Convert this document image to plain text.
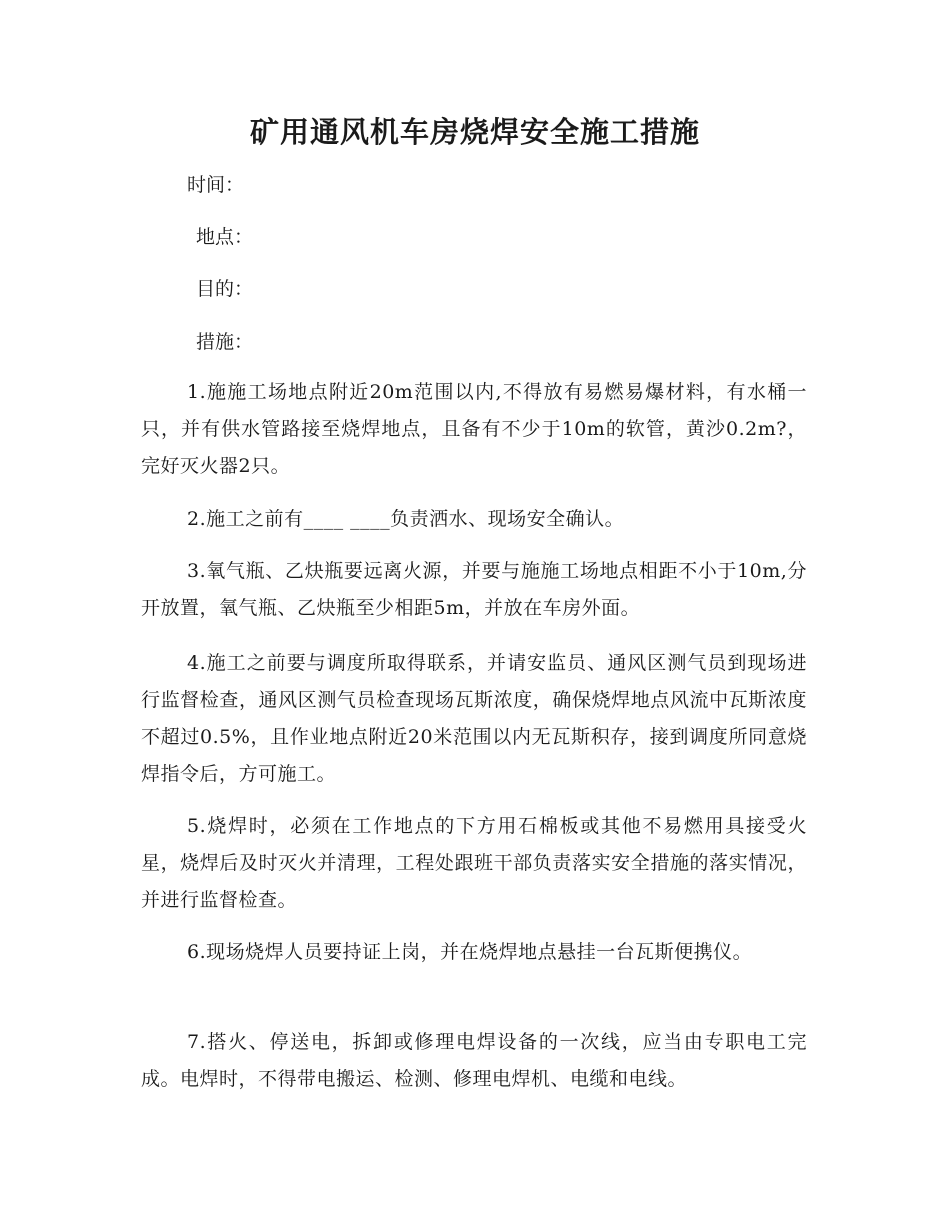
矿用通风机车房烧焊安全施工措施
时间：
地点：
目的：
措施：
1.施施工场地点附近20m范围以内,不得放有易燃易爆材料，有水桶一只，并有供水管路接至烧焊地点，且备有不少于10m的软管，黄沙0.2m?，完好灭火器2只。
2.施工之前有____ ____负责洒水、现场安全确认。
3.氧气瓶、乙炔瓶要远离火源，并要与施施工场地点相距不小于10m,分开放置，氧气瓶、乙炔瓶至少相距5m，并放在车房外面。
4.施工之前要与调度所取得联系，并请安监员、通风区测气员到现场进行监督检查，通风区测气员检查现场瓦斯浓度，确保烧焊地点风流中瓦斯浓度不超过0.5%，且作业地点附近20米范围以内无瓦斯积存，接到调度所同意烧焊指令后，方可施工。
5.烧焊时，必须在工作地点的下方用石棉板或其他不易燃用具接受火星，烧焊后及时灭火并清理，工程处跟班干部负责落实安全措施的落实情况，并进行监督检查。
6.现场烧焊人员要持证上岗，并在烧焊地点悬挂一台瓦斯便携仪。
7.搭火、停送电，拆卸或修理电焊设备的一次线，应当由专职电工完成。电焊时，不得带电搬运、检测、修理电焊机、电缆和电线。
